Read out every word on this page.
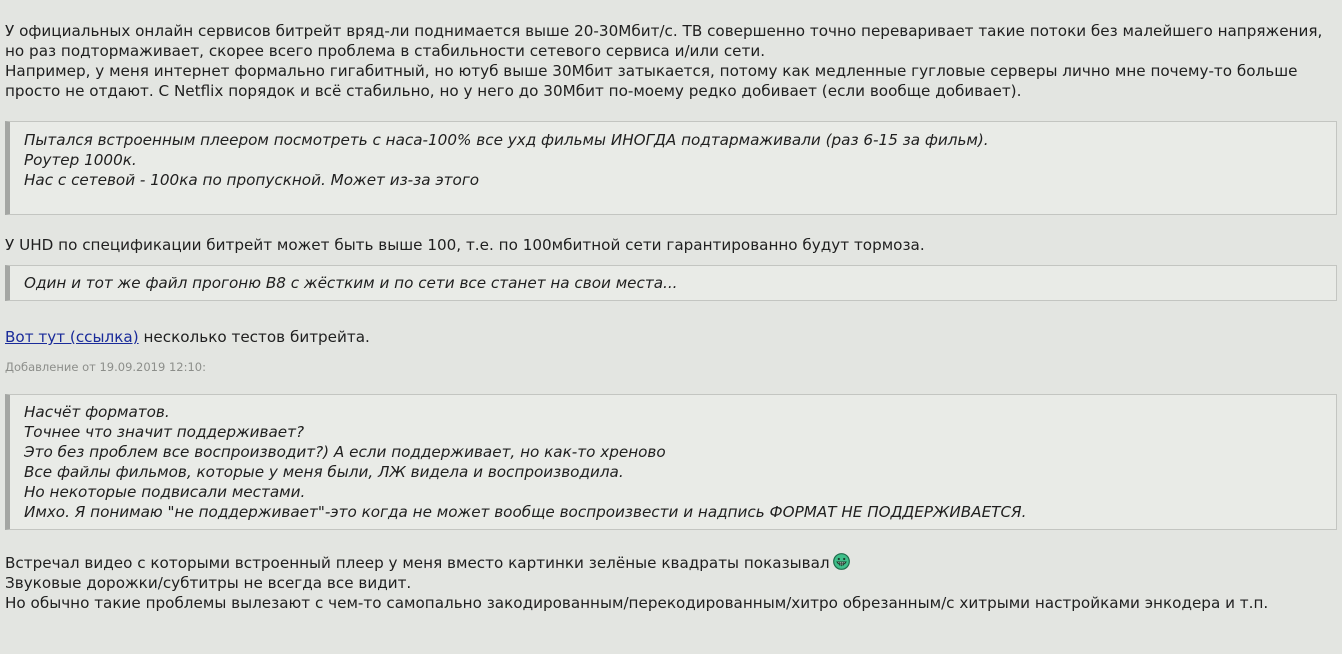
У официальных онлайн сервисов битрейт вряд-ли поднимается выше 20-30Мбит/с. ТВ совершенно точно переваривает такие потоки без малейшего напряжения, но раз подтормаживает, скорее всего проблема в стабильности сетевого сервиса и/или сети.
Например, у меня интернет формально гигабитный, но ютуб выше 30Мбит затыкается, потому как медленные гугловые серверы лично мне почему-то больше просто не отдают. С Netflix порядок и всё стабильно, но у него до 30Мбит по-моему редко добивает (если вообще добивает).

Пытался встроенным плеером посмотреть с наса-100% все ухд фильмы ИНОГДА подтармаживали (раз 6-15 за фильм).
Роутер 1000к.
Нас с сетевой - 100ка по пропускной. Может из-за этого

У UHD по спецификации битрейт может быть выше 100, т.е. по 100мбитной сети гарантированно будут тормоза.

Один и тот же файл прогоню В8 с жёстким и по сети все станет на свои места...

Вот тут (ссылка) несколько тестов битрейта.

Добавление от 19.09.2019 12:10:
Насчёт форматов.
Точнее что значит поддерживает?
Это без проблем все воспроизводит?) А если поддерживает, но как-то хреново
Все файлы фильмов, которые у меня были, ЛЖ видела и воспроизводила.
Но некоторые подвисали местами.
Имхо. Я понимаю "не поддерживает"-это когда не может вообще воспроизвести и надпись ФОРМАТ НЕ ПОДДЕРЖИВАЕТСЯ.

Встречал видео с которыми встроенный плеер у меня вместо картинки зелёные квадраты показывал
Звуковые дорожки/субтитры не всегда все видит.
Но обычно такие проблемы вылезают с чем-то самопально закодированным/перекодированным/хитро обрезанным/с хитрыми настройками энкодера и т.п.
